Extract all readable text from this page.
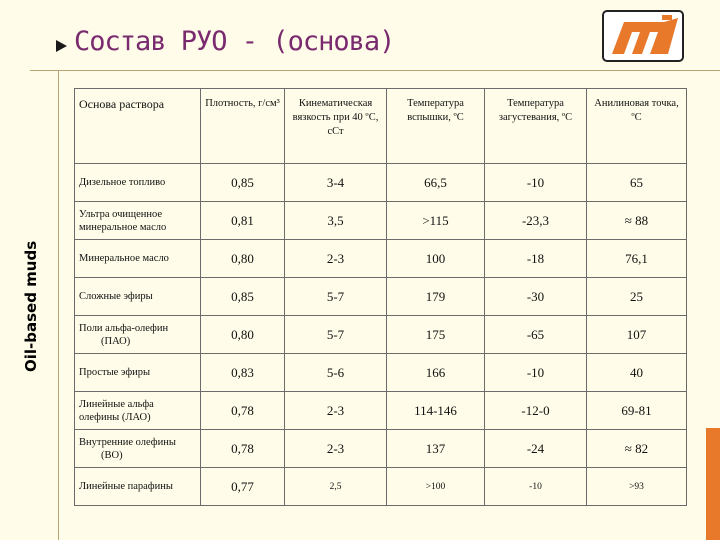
Oil-based muds
Состав РУО - (основа)
Основа раствора	Плотность, г/см³	Кинематическая вязкость при 40 ºС, сСт	Температура вспышки, ºС	Температура загустевания, ºС	Анилиновая точка, ºС
Дизельное топливо	0,85	3-4	66,5	-10	65
Ультра очищенное

минеральное масло	0,81	3,5	>115	-23,3	≈ 88
Минеральное масло	0,80	2-3	100	-18	76,1
Сложные эфиры	0,85	5-7	179	-30	25
Поли альфа-олефин

(ПАО)	0,80	5-7	175	-65	107
Простые эфиры	0,83	5-6	166	-10	40
Линейные альфа

олефины (ЛАО)	0,78	2-3	114-146	-12-0	69-81
Внутренние олефины

(ВО)	0,78	2-3	137	-24	≈ 82
Линейные парафины	0,77	2,5	>100	-10	>93
